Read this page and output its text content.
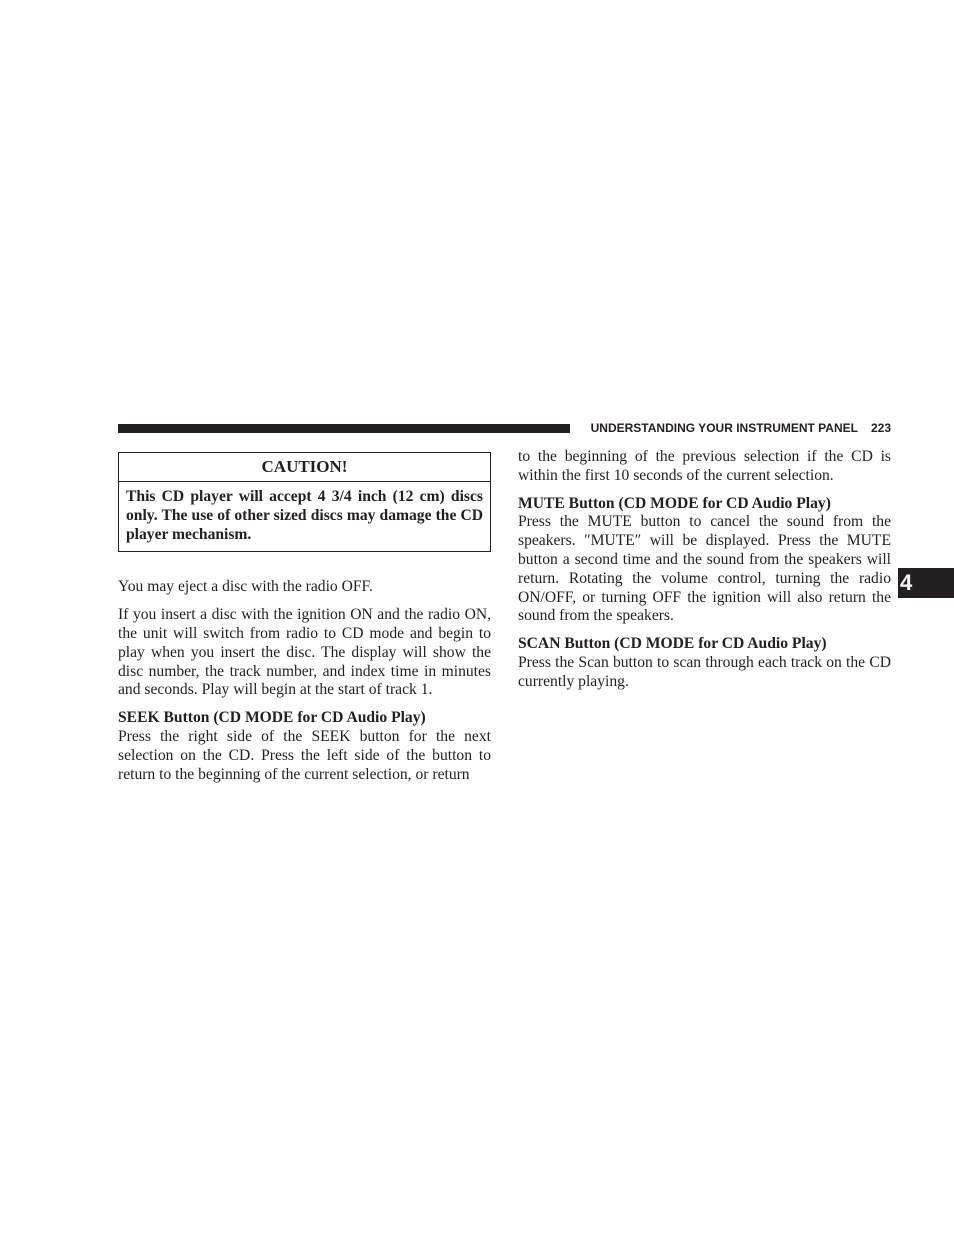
UNDERSTANDING YOUR INSTRUMENT PANEL 223
4
CAUTION!
This CD player will accept 4 3/4 inch (12 cm) discs only. The use of other sized discs may damage the CD player mechanism.

You may eject a disc with the radio OFF.

If you insert a disc with the ignition ON and the radio ON, the unit will switch from radio to CD mode and begin to play when you insert the disc. The display will show the disc number, the track number, and index time in minutes and seconds. Play will begin at the start of track 1.

SEEK Button (CD MODE for CD Audio Play)

Press the right side of the SEEK button for the next selection on the CD. Press the left side of the button to return to the beginning of the current selection, or return

to the beginning of the previous selection if the CD is within the first 10 seconds of the current selection.

MUTE Button (CD MODE for CD Audio Play)

Press the MUTE button to cancel the sound from the speakers. ″MUTE″ will be displayed. Press the MUTE button a second time and the sound from the speakers will return. Rotating the volume control, turning the radio ON/OFF, or turning OFF the ignition will also return the sound from the speakers.

SCAN Button (CD MODE for CD Audio Play)

Press the Scan button to scan through each track on the CD currently playing.
